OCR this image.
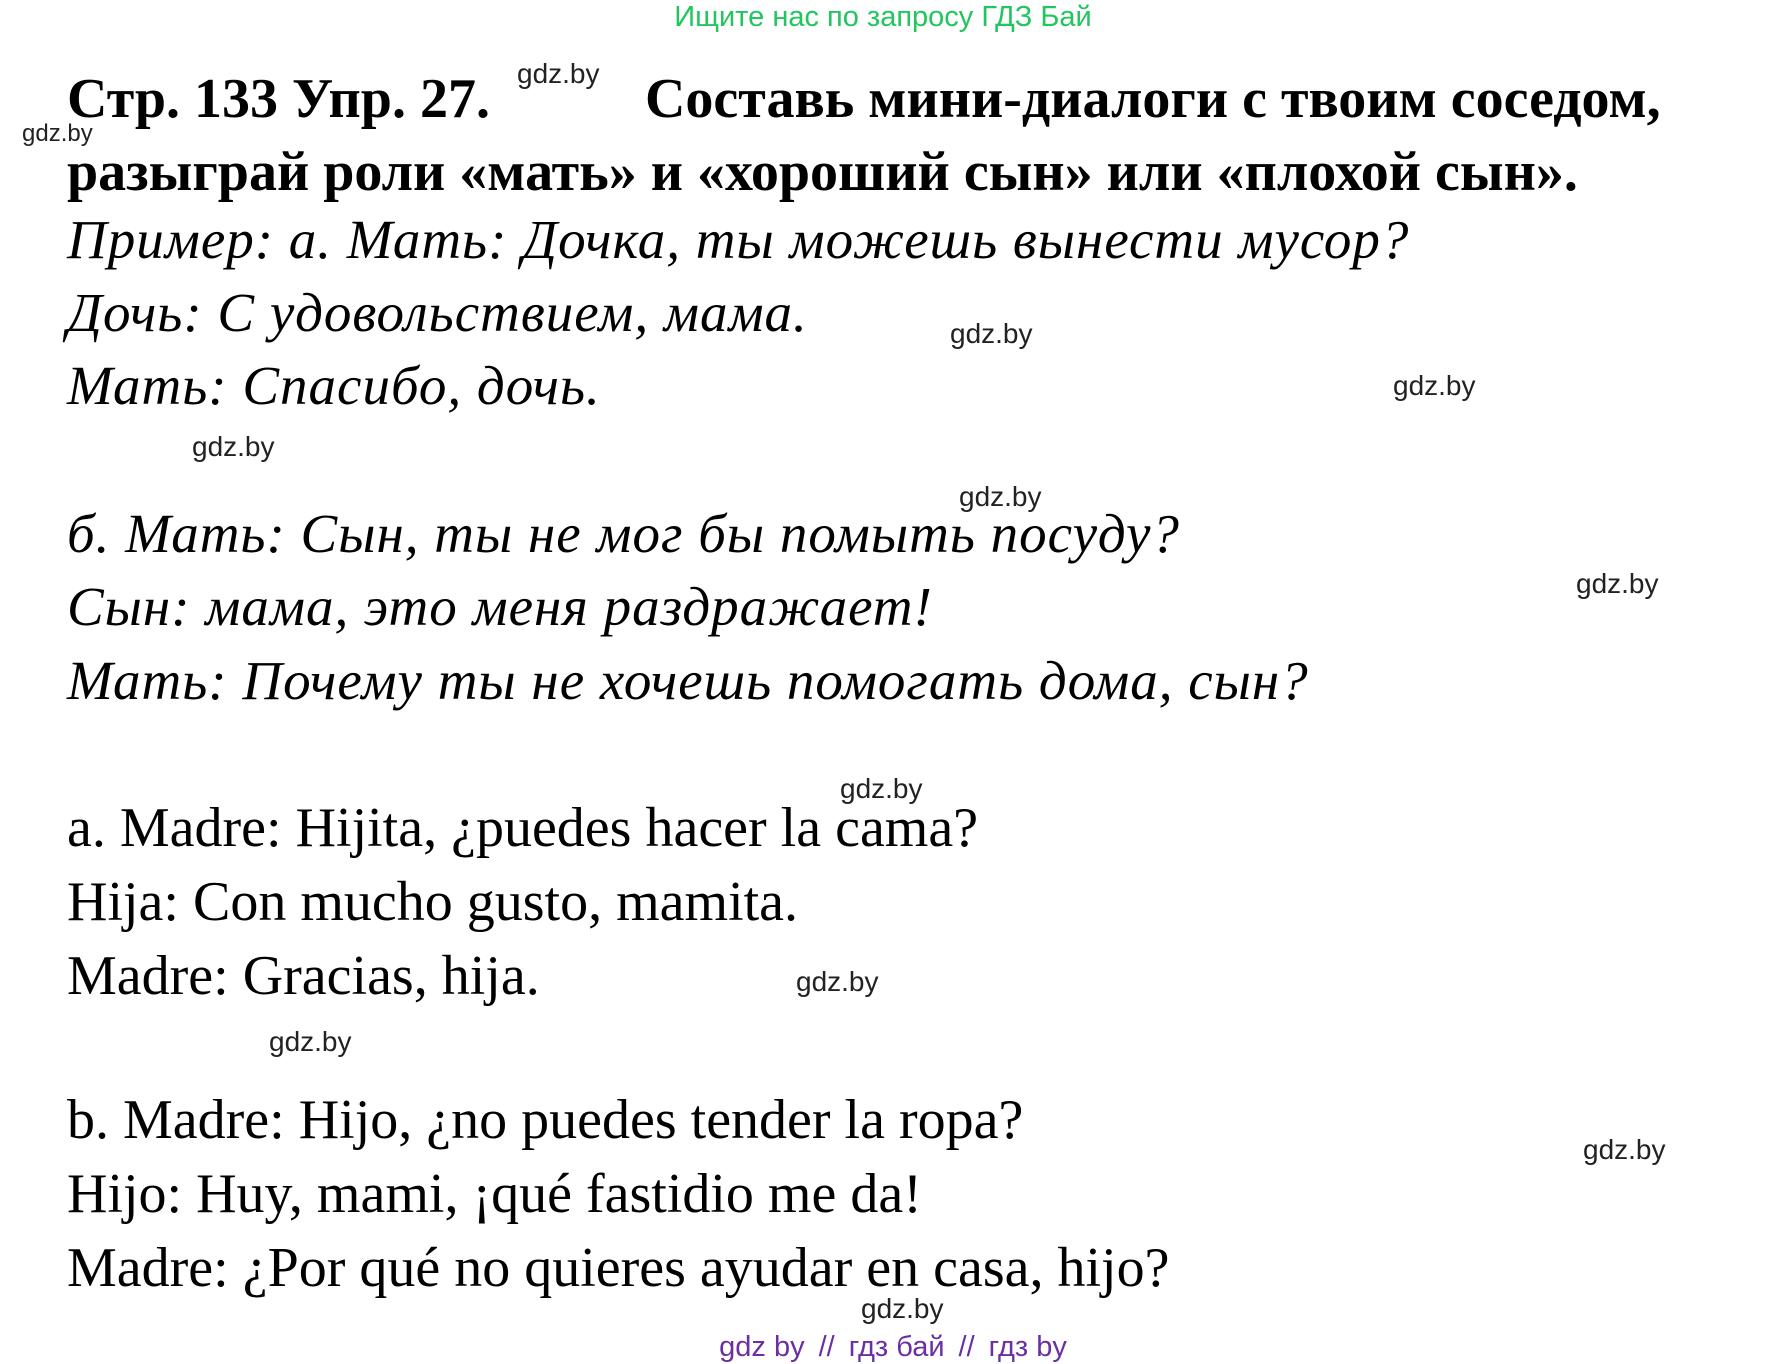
Ищите нас по запросу ГДЗ Бай
gdz.by
gdz.by
Стр. 133 Упр. 27.	Составь мини-диалоги с твоим соседом,
разыграй роли «мать» и «хороший сын» или «плохой сын».

Пример: а. Мать: Дочка, ты можешь вынести мусор?

Дочь: С удовольствием, мама.

Мать: Спасибо, дочь.

gdz.by
gdz.by
gdz.by
gdz.by

б. Мать: Сын, ты не мог бы помыть посуду?

Сын: мама, это меня раздражает!

Мать: Почему ты не хочешь помогать дома, сын?

gdz.by
gdz.by

a. Madre: Hijita, ¿puedes hacer la cama?

Hija: Con mucho gusto, mamita.

Madre: Gracias, hija.	gdz.by
gdz.by

b. Madre: Hijo, ¿no puedes tender la ropa?

Hijo: Huy, mami, ¡qué fastidio me da!

Madre: ¿Por qué no quieres ayudar en casa, hijo?

gdz.by
gdz.by
gdz by // гдз бай // гдз by
